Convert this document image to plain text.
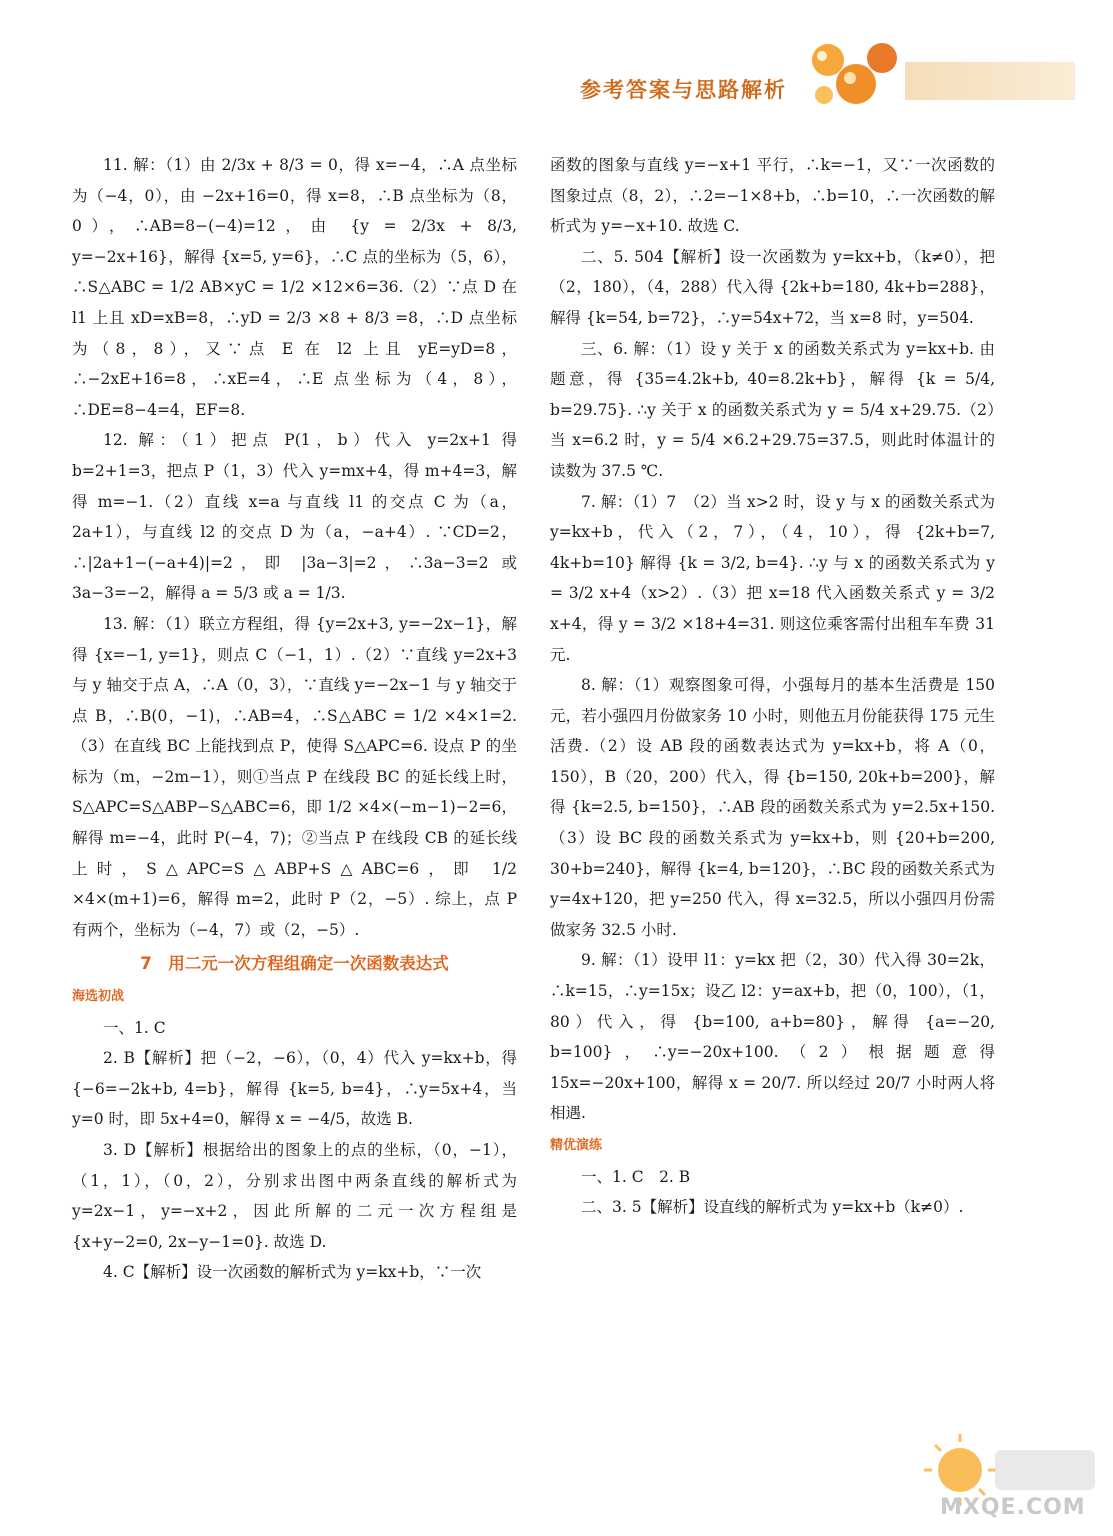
参考答案与思路解析

11. 解：（1）由 2/3x + 8/3 = 0，得 x=−4，∴A 点坐标为（−4，0），由 −2x+16=0，得 x=8，∴B 点坐标为（8，0），∴AB=8−(−4)=12，由 {y = 2/3x + 8/3, y=−2x+16}，解得 {x=5, y=6}，∴C 点的坐标为（5，6），∴S△ABC = 1/2 AB×yC = 1/2 ×12×6=36.（2）∵点 D 在 l1 上且 xD=xB=8，∴yD = 2/3 ×8 + 8/3 =8，∴D 点坐标为（8，8），又∵点 E 在 l2 上且 yE=yD=8，∴−2xE+16=8，∴xE=4，∴E 点坐标为（4，8），∴DE=8−4=4，EF=8.

12. 解：（1）把点 P(1，b）代入 y=2x+1 得 b=2+1=3，把点 P（1，3）代入 y=mx+4，得 m+4=3，解得 m=−1.（2）直线 x=a 与直线 l1 的交点 C 为（a，2a+1），与直线 l2 的交点 D 为（a，−a+4）. ∵CD=2，∴|2a+1−(−a+4)|=2，即 |3a−3|=2，∴3a−3=2 或 3a−3=−2，解得 a = 5/3 或 a = 1/3.

13. 解：（1）联立方程组，得 {y=2x+3, y=−2x−1}，解得 {x=−1, y=1}，则点 C（−1，1）.（2）∵直线 y=2x+3 与 y 轴交于点 A，∴A（0，3），∵直线 y=−2x−1 与 y 轴交于点 B，∴B(0，−1)，∴AB=4，∴S△ABC = 1/2 ×4×1=2.（3）在直线 BC 上能找到点 P，使得 S△APC=6. 设点 P 的坐标为（m，−2m−1），则①当点 P 在线段 BC 的延长线上时，S△APC=S△ABP−S△ABC=6，即 1/2 ×4×(−m−1)−2=6，解得 m=−4，此时 P(−4，7)；②当点 P 在线段 CB 的延长线上时，S△APC=S△ABP+S△ABC=6，即 1/2 ×4×(m+1)=6，解得 m=2，此时 P（2，−5）. 综上，点 P 有两个，坐标为（−4，7）或（2，−5）.

7　用二元一次方程组确定一次函数表达式

海选初战

一、1. C

2. B【解析】把（−2，−6），（0，4）代入 y=kx+b，得 {−6=−2k+b, 4=b}，解得 {k=5, b=4}，∴y=5x+4，当 y=0 时，即 5x+4=0，解得 x = −4/5，故选 B.

3. D【解析】根据给出的图象上的点的坐标，（0，−1），（1，1），（0，2），分别求出图中两条直线的解析式为 y=2x−1，y=−x+2，因此所解的二元一次方程组是 {x+y−2=0, 2x−y−1=0}. 故选 D.

4. C【解析】设一次函数的解析式为 y=kx+b，∵一次

函数的图象与直线 y=−x+1 平行，∴k=−1，又∵一次函数的图象过点（8，2），∴2=−1×8+b，∴b=10，∴一次函数的解析式为 y=−x+10. 故选 C.

二、5. 504【解析】设一次函数为 y=kx+b，（k≠0），把（2，180），（4，288）代入得 {2k+b=180, 4k+b=288}，解得 {k=54, b=72}，∴y=54x+72，当 x=8 时，y=504.

三、6. 解：（1）设 y 关于 x 的函数关系式为 y=kx+b. 由题意，得 {35=4.2k+b, 40=8.2k+b}，解得 {k = 5/4, b=29.75}. ∴y 关于 x 的函数关系式为 y = 5/4 x+29.75.（2）当 x=6.2 时，y = 5/4 ×6.2+29.75=37.5，则此时体温计的读数为 37.5 ℃.

7. 解：（1）7　（2）当 x>2 时，设 y 与 x 的函数关系式为 y=kx+b，代入（2，7），（4，10），得 {2k+b=7, 4k+b=10} 解得 {k = 3/2, b=4}. ∴y 与 x 的函数关系式为 y = 3/2 x+4（x>2）.（3）把 x=18 代入函数关系式 y = 3/2 x+4，得 y = 3/2 ×18+4=31. 则这位乘客需付出租车车费 31 元.

8. 解：（1）观察图象可得，小强每月的基本生活费是 150 元，若小强四月份做家务 10 小时，则他五月份能获得 175 元生活费.（2）设 AB 段的函数表达式为 y=kx+b，将 A（0，150），B（20，200）代入，得 {b=150, 20k+b=200}，解得 {k=2.5, b=150}，∴AB 段的函数关系式为 y=2.5x+150.（3）设 BC 段的函数关系式为 y=kx+b，则 {20+b=200, 30+b=240}，解得 {k=4, b=120}，∴BC 段的函数关系式为 y=4x+120，把 y=250 代入，得 x=32.5，所以小强四月份需做家务 32.5 小时.

9. 解：（1）设甲 l1：y=kx 把（2，30）代入得 30=2k，∴k=15，∴y=15x；设乙 l2：y=ax+b，把（0，100），（1，80）代入，得 {b=100, a+b=80}，解得 {a=−20, b=100}，∴y=−20x+100.（2）根据题意得 15x=−20x+100，解得 x = 20/7. 所以经过 20/7 小时两人将相遇.

精优演练

一、1. C　2. B

二、3. 5【解析】设直线的解析式为 y=kx+b（k≠0）.

MXQE.COM
